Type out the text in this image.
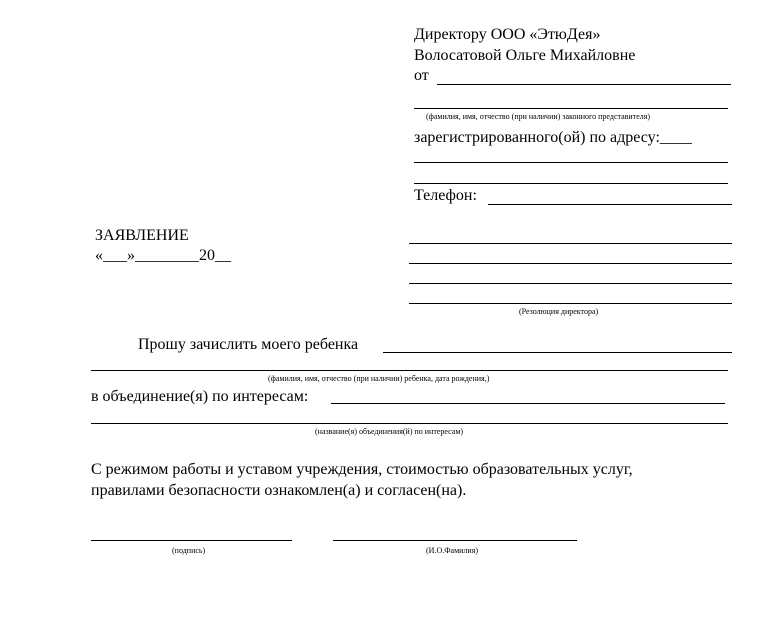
Директору ООО «ЭтюДея»
Волосатовой Ольге Михайловне
от
(фамилия, имя, отчество (при наличии) законного представителя)
зарегистрированного(ой) по адресу:____
Телефон:
ЗАЯВЛЕНИЕ
«___»________20__
(Резолюция директора)
Прошу зачислить моего ребенка
(фамилия, имя, отчество (при наличии) ребенка, дата рождения,)
в объединение(я) по интересам:
(название(я) объединения(й) по интересам)
С режимом работы и уставом учреждения, стоимостью образовательных услуг,
правилами безопасности ознакомлен(а) и согласен(на).
(подпись)	(И.О.Фамилия)
